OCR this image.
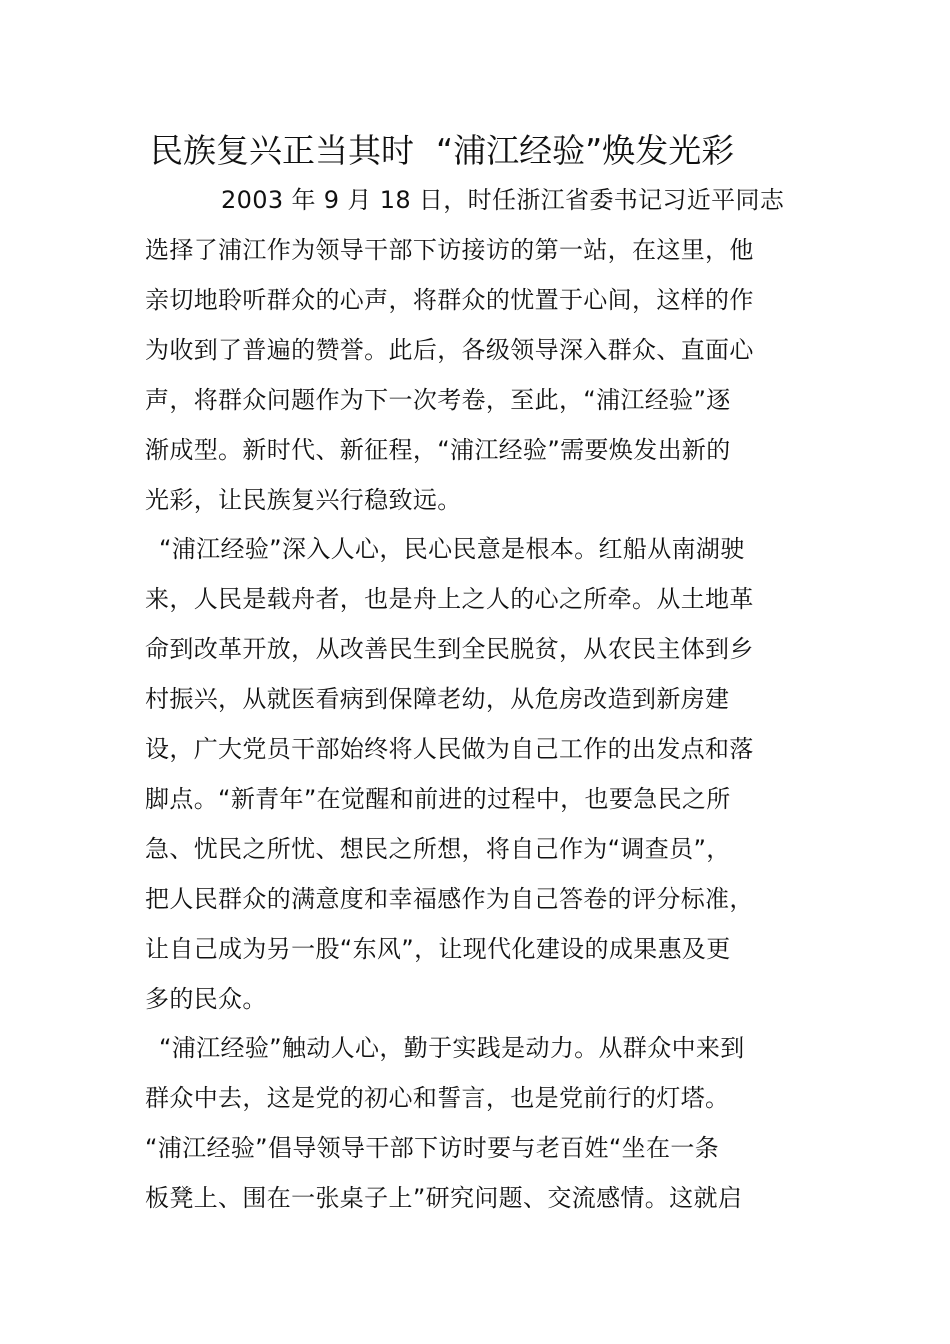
民族复兴正当其时 “浦江经验”焕发光彩
2003 年 9 月 18 日，时任浙江省委书记习近平同志
选择了浦江作为领导干部下访接访的第一站，在这里，他
亲切地聆听群众的心声，将群众的忧置于心间，这样的作
为收到了普遍的赞誉。此后，各级领导深入群众、直面心
声，将群众问题作为下一次考卷，至此，“浦江经验”逐
渐成型。新时代、新征程，“浦江经验”需要焕发出新的
光彩，让民族复兴行稳致远。
“浦江经验”深入人心，民心民意是根本。红船从南湖驶
来，人民是载舟者，也是舟上之人的心之所牵。从土地革
命到改革开放，从改善民生到全民脱贫，从农民主体到乡
村振兴，从就医看病到保障老幼，从危房改造到新房建
设，广大党员干部始终将人民做为自己工作的出发点和落
脚点。“新青年”在觉醒和前进的过程中，也要急民之所
急、忧民之所忧、想民之所想，将自己作为“调查员”，
把人民群众的满意度和幸福感作为自己答卷的评分标准，
让自己成为另一股“东风”，让现代化建设的成果惠及更
多的民众。
“浦江经验”触动人心，勤于实践是动力。从群众中来到
群众中去，这是党的初心和誓言，也是党前行的灯塔。
“浦江经验”倡导领导干部下访时要与老百姓“坐在一条
板凳上、围在一张桌子上”研究问题、交流感情。这就启
